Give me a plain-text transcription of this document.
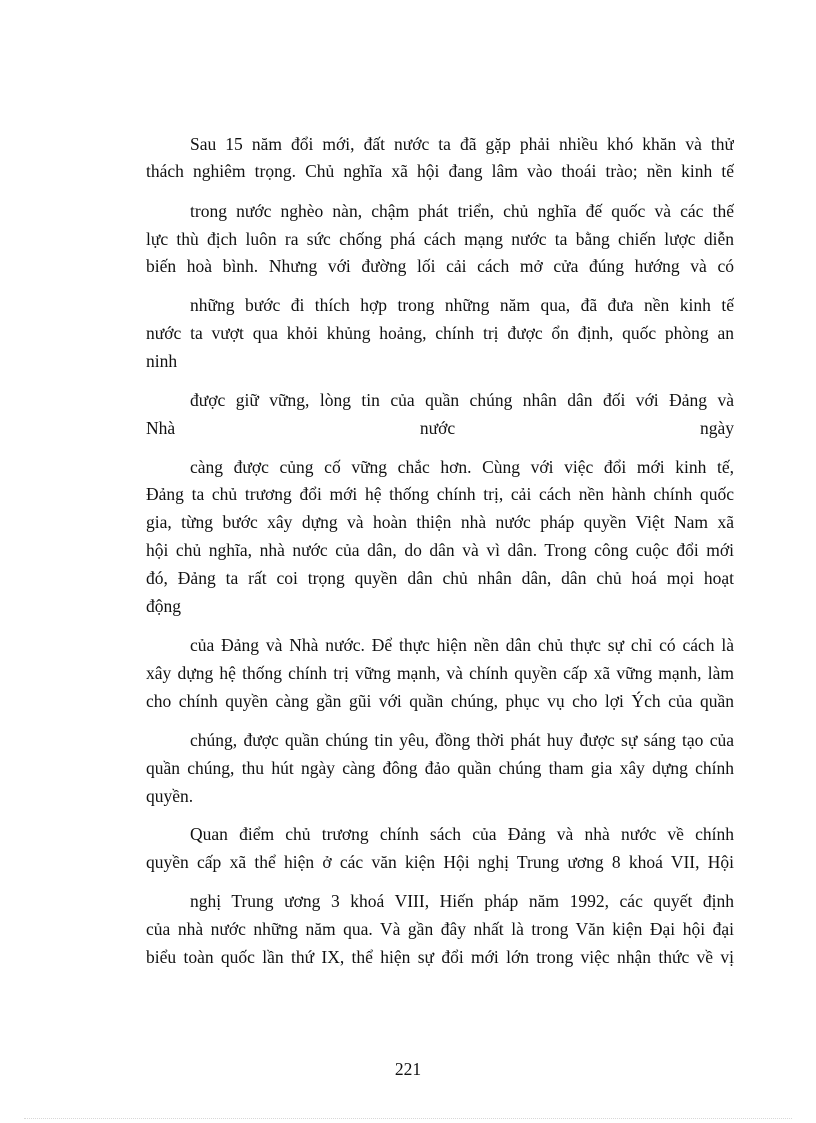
Sau 15 năm đổi mới, đất nước ta đã gặp phải nhiều khó khăn và thử
thách nghiêm trọng. Chủ nghĩa xã hội đang lâm vào thoái trào; nền kinh tế
trong nước nghèo nàn, chậm phát triển, chủ nghĩa đế quốc và các thế
lực thù địch luôn ra sức chống phá cách mạng nước ta bằng chiến lược diễn
biến hoà bình. Nhưng với đường lối cải cách mở cửa đúng hướng và có
những bước đi thích hợp trong những năm qua, đã đưa nền kinh tế
nước ta vượt qua khỏi khủng hoảng, chính trị được ổn định, quốc phòng an
ninh
được giữ vững, lòng tin của quần chúng nhân dân đối với Đảng và
Nhà nước ngày
càng được củng cố vững chắc hơn. Cùng với việc đổi mới kinh tế,
Đảng ta chủ trương đổi mới hệ thống chính trị, cải cách nền hành chính quốc
gia, từng bước xây dựng và hoàn thiện nhà nước pháp quyền Việt Nam xã
hội chủ nghĩa, nhà nước của dân, do dân và vì dân. Trong công cuộc đổi mới
đó, Đảng ta rất coi trọng quyền dân chủ nhân dân, dân chủ hoá mọi hoạt
động
của Đảng và Nhà nước. Để thực hiện nền dân chủ thực sự chỉ có cách là
xây dựng hệ thống chính trị vững mạnh, và chính quyền cấp xã vững mạnh, làm
cho chính quyền càng gần gũi với quần chúng, phục vụ cho lợi Ých của quần
chúng, được quần chúng tin yêu, đồng thời phát huy được sự sáng tạo của
quần chúng, thu hút ngày càng đông đảo quần chúng tham gia xây dựng chính
quyền.
Quan điểm chủ trương chính sách của Đảng và nhà nước về chính
quyền cấp xã thể hiện ở các văn kiện Hội nghị Trung ương 8 khoá VII, Hội
nghị Trung ương 3 khoá VIII, Hiến pháp năm 1992, các quyết định
của nhà nước những năm qua. Và gần đây nhất là trong Văn kiện Đại hội đại
biểu toàn quốc lần thứ IX, thể hiện sự đổi mới lớn trong việc nhận thức về vị
221
